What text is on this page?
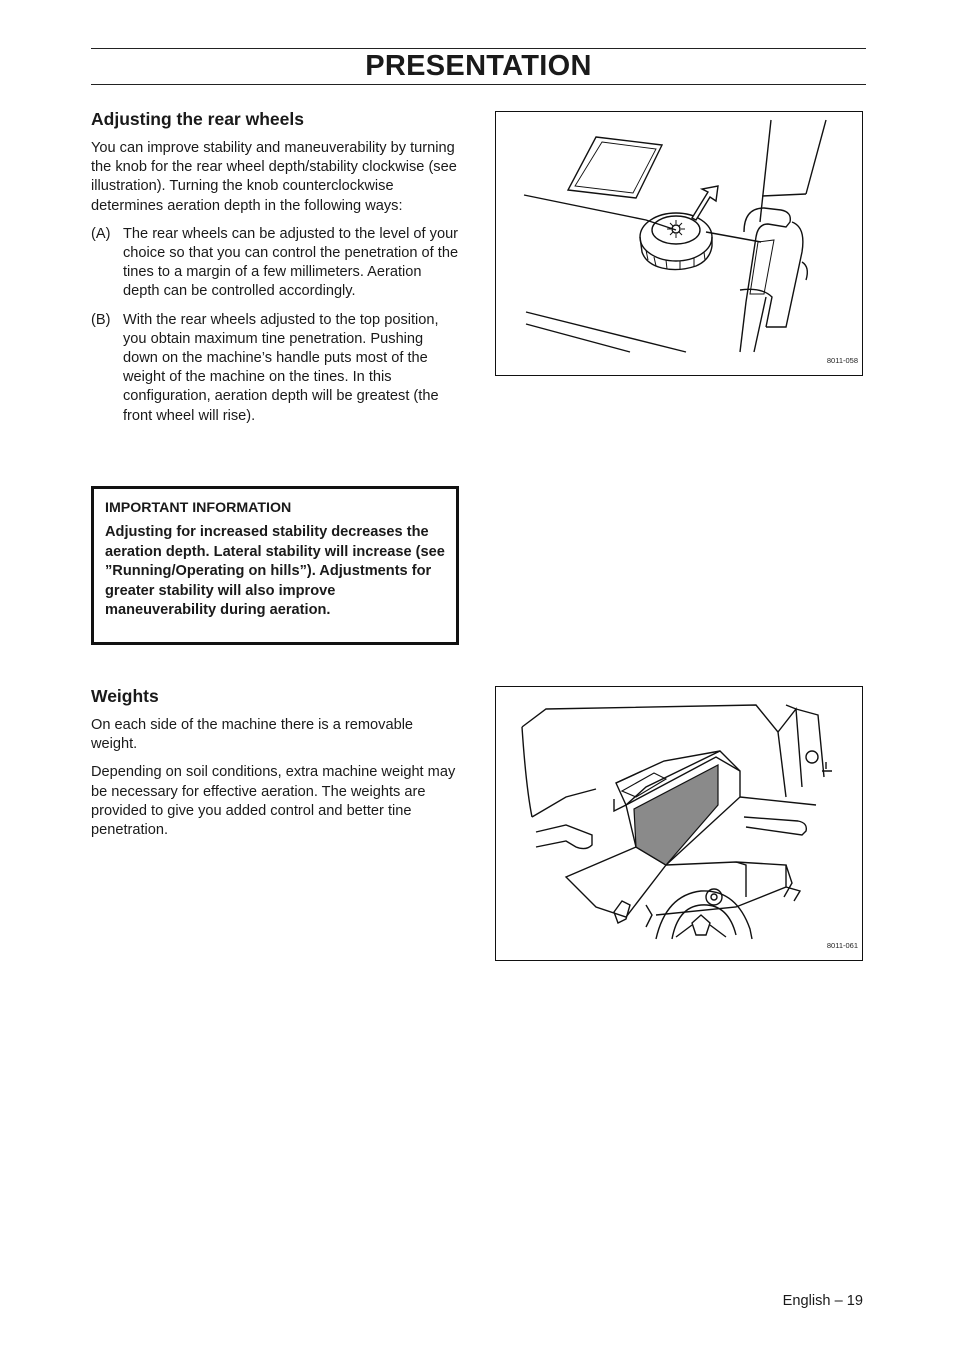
PRESENTATION
Adjusting the rear wheels

You can improve stability and maneuverability by turning the knob for the rear wheel depth/stability clockwise (see illustration). Turning the knob counterclockwise determines aeration depth in the following ways:

(A) The rear wheels can be adjusted to the level of your choice so that you can control the penetration of the tines to a margin of a few millimeters. Aeration depth can be controlled accordingly.
(B) With the rear wheels adjusted to the top position, you obtain maximum tine penetration. Pushing down on the machine’s handle puts most of the weight of the machine on the tines. In this configuration, aeration depth will be greatest (the front wheel will rise).
IMPORTANT INFORMATION
Adjusting for increased stability decreases the aeration depth. Lateral stability will increase (see ”Running/Operating on hills”). Adjustments for greater stability will also improve maneuverability during aeration.
Weights

On each side of the machine there is a removable weight.

Depending on soil conditions, extra machine weight may be necessary for effective aeration. The weights are provided to give you added control and better tine penetration.

8011-058
8011-061
English – 19
